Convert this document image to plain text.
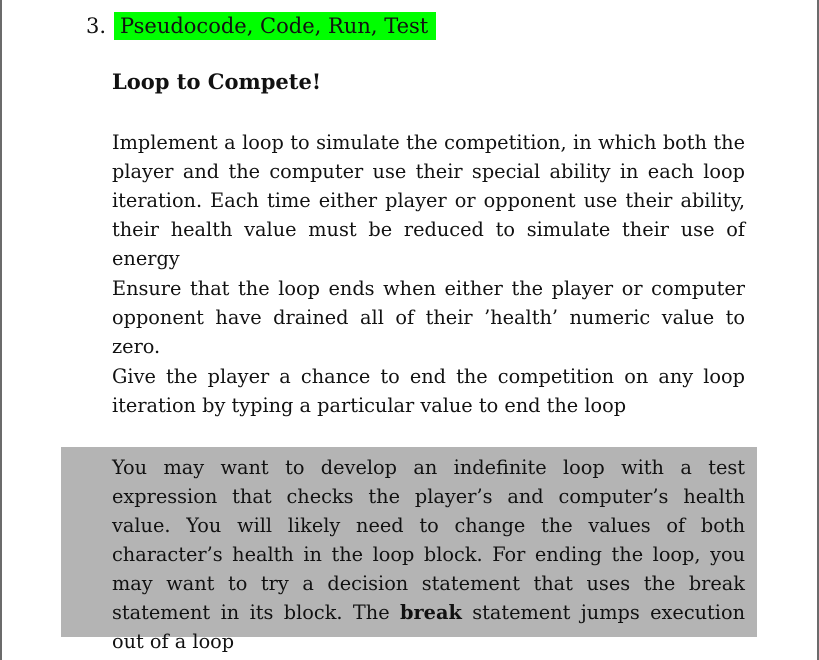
3. Pseudocode, Code, Run, Test
Loop to Compete!

Implement a loop to simulate the competition, in which both the player and the computer use their special ability in each loop iteration. Each time either player or opponent use their ability, their health value must be reduced to simulate their use of energy

Ensure that the loop ends when either the player or computer opponent have drained all of their ’health’ numeric value to zero.

Give the player a chance to end the competition on any loop iteration by typing a particular value to end the loop

You may want to develop an indefinite loop with a test expression that checks the player’s and computer’s health value. You will likely need to change the values of both character’s health in the loop block. For ending the loop, you may want to try a decision statement that uses the break statement in its block. The break statement jumps execution out of a loop
